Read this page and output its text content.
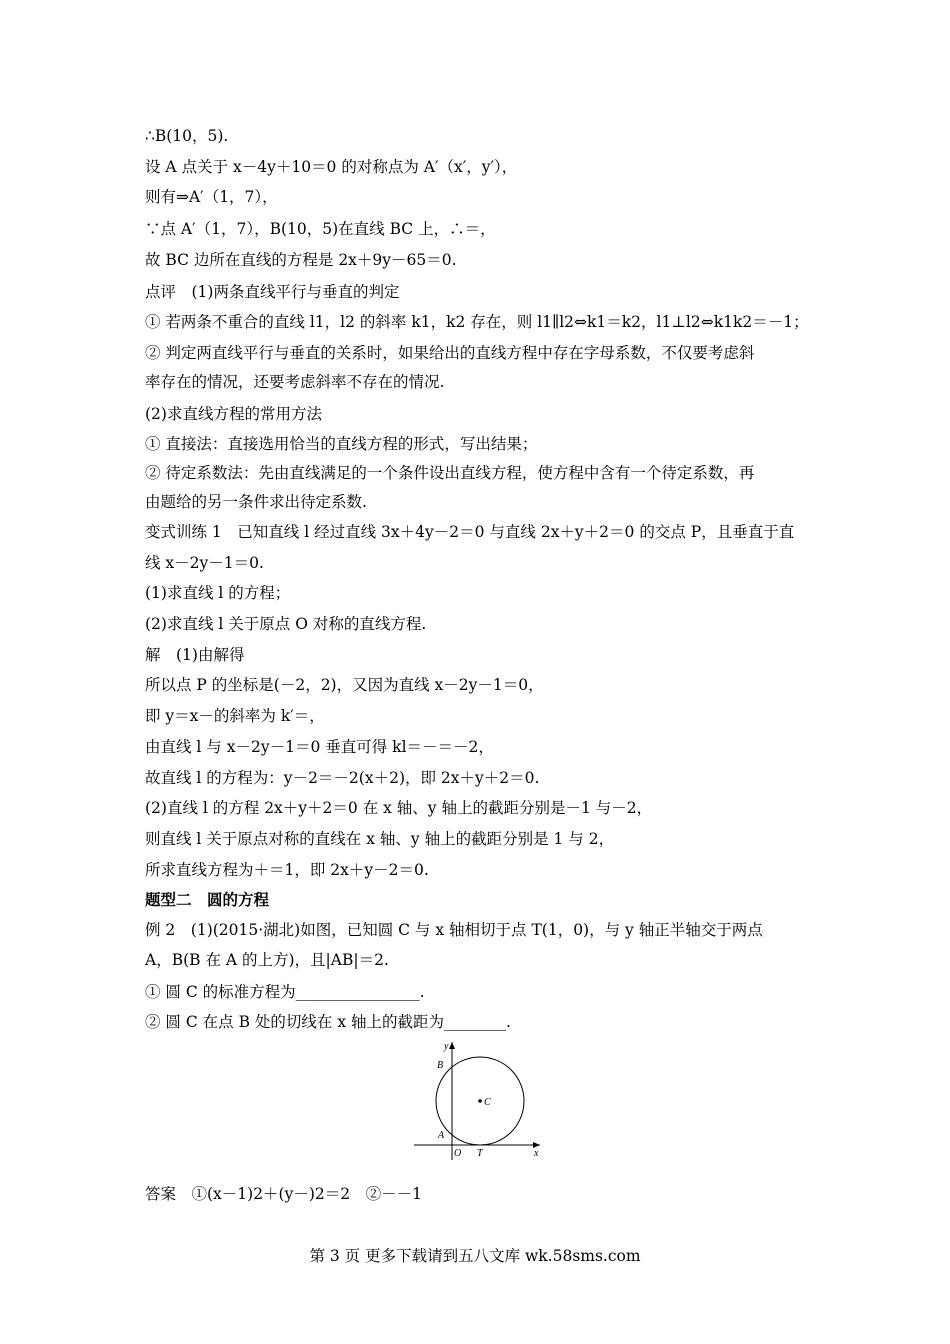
∴B(10，5).
设 A 点关于 x－4y＋10＝0 的对称点为 A′（x′，y′），
则有⇒A′（1，7），
∵点 A′（1，7），B(10，5)在直线 BC 上，∴＝，
故 BC 边所在直线的方程是 2x＋9y－65＝0.
点评　(1)两条直线平行与垂直的判定
① 若两条不重合的直线 l1，l2 的斜率 k1，k2 存在，则 l1∥l2⇔k1＝k2，l1⊥l2⇔k1k2＝－1；
② 判定两直线平行与垂直的关系时，如果给出的直线方程中存在字母系数，不仅要考虑斜
率存在的情况，还要考虑斜率不存在的情况.
(2)求直线方程的常用方法
① 直接法：直接选用恰当的直线方程的形式，写出结果；
② 待定系数法：先由直线满足的一个条件设出直线方程，使方程中含有一个待定系数，再
由题给的另一条件求出待定系数.
变式训练 1　已知直线 l 经过直线 3x＋4y－2＝0 与直线 2x＋y＋2＝0 的交点 P，且垂直于直
线 x－2y－1＝0.
(1)求直线 l 的方程；
(2)求直线 l 关于原点 O 对称的直线方程.
解　(1)由解得
所以点 P 的坐标是(－2，2)，又因为直线 x－2y－1＝0，
即 y＝x－的斜率为 k′＝，
由直线 l 与 x－2y－1＝0 垂直可得 kl＝－＝－2，
故直线 l 的方程为：y－2＝－2(x＋2)，即 2x＋y＋2＝0.
(2)直线 l 的方程 2x＋y＋2＝0 在 x 轴、y 轴上的截距分别是－1 与－2，
则直线 l 关于原点对称的直线在 x 轴、y 轴上的截距分别是 1 与 2，
所求直线方程为＋＝1，即 2x＋y－2＝0.
题型二　圆的方程
例 2　(1)(2015·湖北)如图，已知圆 C 与 x 轴相切于点 T(1，0)，与 y 轴正半轴交于两点
A，B(B 在 A 的上方)，且|AB|＝2.
① 圆 C 的标准方程为________________.
② 圆 C 在点 B 处的切线在 x 轴上的截距为________.
y
x
B
C
A
O T
答案　①(x－1)2＋(y－)2＝2　②－－1
第 3 页 更多下载请到五八文库 wk.58sms.com
